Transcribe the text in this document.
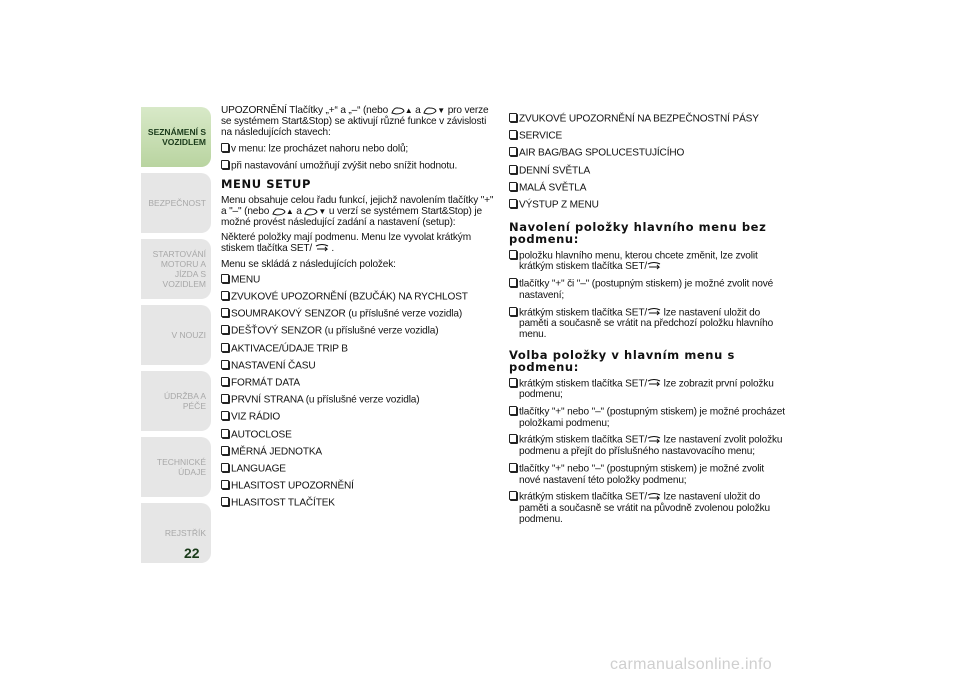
SEZNÁMENÍ S VOZIDLEM
BEZPEČNOST
STARTOVÁNÍ MOTORU A JÍZDA S VOZIDLEM
V NOUZI
ÚDRŽBA A PÉČE
TECHNICKÉ ÚDAJE
REJSTŘÍK
22

UPOZORNĚNÍ Tlačítky „+“ a „–“ (nebo ▲ a ▼ pro verze se systémem Start&Stop) se aktivují různé funkce v závislosti na následujících stavech:

v menu: lze procházet nahoru nebo dolů;
při nastavování umožňují zvýšit nebo snížit hodnotu.
MENU SETUP

Menu obsahuje celou řadu funkcí, jejichž navolením tlačítky "+" a "–" (nebo ▲ a ▼ u verzí se systémem Start&Stop) je možné provést následující zadání a nastavení (setup):

Některé položky mají podmenu. Menu lze vyvolat krátkým stiskem tlačítka SET/ .

Menu se skládá z následujících položek:

MENU
ZVUKOVÉ UPOZORNĚNÍ (BZUČÁK) NA RYCHLOST
SOUMRAKOVÝ SENZOR (u příslušné verze vozidla)
DEŠŤOVÝ SENZOR (u příslušné verze vozidla)
AKTIVACE/ÚDAJE TRIP B
NASTAVENÍ ČASU
FORMÁT DATA
PRVNÍ STRANA (u příslušné verze vozidla)
VIZ RÁDIO
AUTOCLOSE
MĚRNÁ JEDNOTKA
LANGUAGE
HLASITOST UPOZORNĚNÍ
HLASITOST TLAČÍTEK
ZVUKOVÉ UPOZORNĚNÍ NA BEZPEČNOSTNÍ PÁSY
SERVICE
AIR BAG/BAG SPOLUCESTUJÍCÍHO
DENNÍ SVĚTLA
MALÁ SVĚTLA
VÝSTUP Z MENU
Navolení položky hlavního menu bez podmenu:
položku hlavního menu, kterou chcete změnit, lze zvolit krátkým stiskem tlačítka SET/
tlačítky "+" či "–" (postupným stiskem) je možné zvolit nové nastavení;
krátkým stiskem tlačítka SET/ lze nastavení uložit do paměti a současně se vrátit na předchozí položku hlavního menu.
Volba položky v hlavním menu s podmenu:
krátkým stiskem tlačítka SET/ lze zobrazit první položku podmenu;
tlačítky "+" nebo "–" (postupným stiskem) je možné procházet položkami podmenu;
krátkým stiskem tlačítka SET/ lze nastavení zvolit položku podmenu a přejít do příslušného nastavovacího menu;
tlačítky "+" nebo "–" (postupným stiskem) je možné zvolit nové nastavení této položky podmenu;
krátkým stiskem tlačítka SET/ lze nastavení uložit do paměti a současně se vrátit na původně zvolenou položku podmenu.
carmanualsonline.info
